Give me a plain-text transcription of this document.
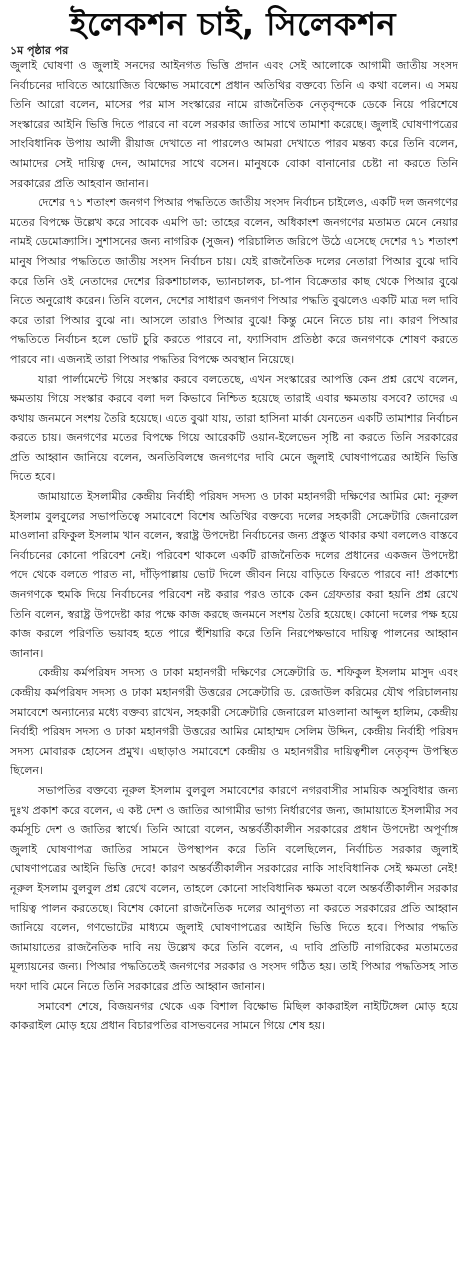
ইলেকশন চাই, সিলেকশন
১ম পৃষ্ঠার পর

জুলাই ঘোষণা ও জুলাই সনদের আইনগত ভিত্তি প্রদান এবং সেই আলোকে আগামী জাতীয় সংসদ নির্বাচনের দাবিতে আয়োজিত বিক্ষোভ সমাবেশে প্রধান অতিথির বক্তব্যে তিনি এ কথা বলেন। এ সময় তিনি আরো বলেন, মাসের পর মাস সংস্কারের নামে রাজনৈতিক নেতৃবৃন্দকে ডেকে নিয়ে পরিশেষে সংস্কারের আইনি ভিত্তি দিতে পারবে না বলে সরকার জাতির সাথে তামাশা করেছে। জুলাই ঘোষণাপত্রের সাংবিধানিক উপায় আলী রীয়াজ দেখাতে না পারলেও আমরা দেখাতে পারব মন্তব্য করে তিনি বলেন, আমাদের সেই দায়িত্ব দেন, আমাদের সাথে বসেন। মানুষকে বোকা বানানোর চেষ্টা না করতে তিনি সরকারের প্রতি আহবান জানান।

দেশের ৭১ শতাংশ জনগণ পিআর পদ্ধতিতে জাতীয় সংসদ নির্বাচন চাইলেও, একটি দল জনগণের মতের বিপক্ষে উল্লেখ করে সাবেক এমপি ডা: তাহের বলেন, অধিকাংশ জনগণের মতামত মেনে নেয়ার নামই ডেমোক্র্যাসি। সুশাসনের জন্য নাগরিক (সুজন) পরিচালিত জরিপে উঠে এসেছে দেশের ৭১ শতাংশ মানুষ পিআর পদ্ধতিতে জাতীয় সংসদ নির্বাচন চায়। যেই রাজনৈতিক দলের নেতারা পিআর বুঝে দাবি করে তিনি ওই নেতাদের দেশের রিকশাচালক, ভ্যানচালক, চা-পান বিক্রেতার কাছ থেকে পিআর বুঝে নিতে অনুরোধ করেন। তিনি বলেন, দেশের সাধারণ জনগণ পিআর পদ্ধতি বুঝলেও একটি মাত্র দল দাবি করে তারা পিআর বুঝে না। আসলে তারাও পিআর বুঝে! কিন্তু মেনে নিতে চায় না। কারণ পিআর পদ্ধতিতে নির্বাচন হলে ভোট চুরি করতে পারবে না, ফ্যাসিবাদ প্রতিষ্ঠা করে জনগণকে শোষণ করতে পারবে না। এজন্যই তারা পিআর পদ্ধতির বিপক্ষে অবস্থান নিয়েছে।

যারা পার্লামেন্টে গিয়ে সংস্কার করবে বলতেছে, এখন সংস্কারের আপত্তি কেন প্রশ্ন রেখে বলেন, ক্ষমতায় গিয়ে সংস্কার করবে বলা দল কিভাবে নিশ্চিত হয়েছে তারাই এবার ক্ষমতায় বসবে? তাদের এ কথায় জনমনে সংশয় তৈরি হয়েছে। এতে বুঝা যায়, তারা হাসিনা মার্কা যেনতেন একটি তামাশার নির্বাচন করতে চায়। জনগণের মতের বিপক্ষে গিয়ে আরেকটি ওয়ান-ইলেভেন সৃষ্টি না করতে তিনি সরকারের প্রতি আহ্বান জানিয়ে বলেন, অনতিবিলম্বে জনগণের দাবি মেনে জুলাই ঘোষণাপত্রের আইনি ভিত্তি দিতে হবে।

জামায়াতে ইসলামীর কেন্দ্রীয় নির্বাহী পরিষদ সদস্য ও ঢাকা মহানগরী দক্ষিণের আমির মো: নূরুল ইসলাম বুলবুলের সভাপতিত্বে সমাবেশে বিশেষ অতিথির বক্তব্যে দলের সহকারী সেক্রেটারি জেনারেল মাওলানা রফিকুল ইসলাম খান বলেন, স্বরাষ্ট্র উপদেষ্টা নির্বাচনের জন্য প্রস্তুত থাকার কথা বললেও বাস্তবে নির্বাচনের কোনো পরিবেশ নেই। পরিবেশ থাকলে একটি রাজনৈতিক দলের প্রধানের একজন উপদেষ্টা পদে থেকে বলতে পারত না, দাঁড়িপাল্লায় ভোট দিলে জীবন নিয়ে বাড়িতে ফিরতে পারবে না! প্রকাশ্যে জনগণকে হুমকি দিয়ে নির্বাচনের পরিবেশ নষ্ট করার পরও তাকে কেন গ্রেফতার করা হয়নি প্রশ্ন রেখে তিনি বলেন, স্বরাষ্ট্র উপদেষ্টা কার পক্ষে কাজ করছে জনমনে সংশয় তৈরি হয়েছে। কোনো দলের পক্ষ হয়ে কাজ করলে পরিণতি ভয়াবহ হতে পারে হুঁশিয়ারি করে তিনি নিরপেক্ষভাবে দায়িত্ব পালনের আহ্বান জানান।

কেন্দ্রীয় কর্মপরিষদ সদস্য ও ঢাকা মহানগরী দক্ষিণের সেক্রেটারি ড. শফিকুল ইসলাম মাসুদ এবং কেন্দ্রীয় কর্মপরিষদ সদস্য ও ঢাকা মহানগরী উত্তরের সেক্রেটারি ড. রেজাউল করিমের যৌথ পরিচালনায় সমাবেশে অন্যান্যের মধ্যে বক্তব্য রাখেন, সহকারী সেক্রেটারি জেনারেল মাওলানা আব্দুল হালিম, কেন্দ্রীয় নির্বাহী পরিষদ সদস্য ও ঢাকা মহানগরী উত্তরের আমির মোহাম্মদ সেলিম উদ্দিন, কেন্দ্রীয় নির্বাহী পরিষদ সদস্য মোবারক হোসেন প্রমুখ। এছাড়াও সমাবেশে কেন্দ্রীয় ও মহানগরীর দায়িত্বশীল নেতৃবৃন্দ উপস্থিত ছিলেন।

সভাপতির বক্তব্যে নূরুল ইসলাম বুলবুল সমাবেশের কারণে নগরবাসীর সাময়িক অসুবিধার জন্য দুঃখ প্রকাশ করে বলেন, এ কষ্ট দেশ ও জাতির আগামীর ভাগ্য নির্ধারণের জন্য, জামায়াতে ইসলামীর সব কর্মসূচি দেশ ও জাতির স্বার্থে। তিনি আরো বলেন, অন্তর্বর্তীকালীন সরকারের প্রধান উপদেষ্টা অপূর্ণাঙ্গ জুলাই ঘোষণাপত্র জাতির সামনে উপস্থাপন করে তিনি বলেছিলেন, নির্বাচিত সরকার জুলাই ঘোষণাপত্রের আইনি ভিত্তি দেবে! কারণ অন্তর্বর্তীকালীন সরকারের নাকি সাংবিধানিক সেই ক্ষমতা নেই! নূরুল ইসলাম বুলবুল প্রশ্ন রেখে বলেন, তাহলে কোনো সাংবিধানিক ক্ষমতা বলে অন্তর্বর্তীকালীন সরকার দায়িত্ব পালন করতেছে। বিশেষ কোনো রাজনৈতিক দলের আনুগত্য না করতে সরকারের প্রতি আহ্বান জানিয়ে বলেন, গণভোটের মাধ্যমে জুলাই ঘোষণাপত্রের আইনি ভিত্তি দিতে হবে। পিআর পদ্ধতি জামায়াতের রাজনৈতিক দাবি নয় উল্লেখ করে তিনি বলেন, এ দাবি প্রতিটি নাগরিকের মতামতের মূল্যায়নের জন্য। পিআর পদ্ধতিতেই জনগণের সরকার ও সংসদ গঠিত হয়। তাই পিআর পদ্ধতিসহ সাত দফা দাবি মেনে নিতে তিনি সরকারের প্রতি আহ্বান জানান।

সমাবেশ শেষে, বিজয়নগর থেকে এক বিশাল বিক্ষোভ মিছিল কাকরাইল নাইটিঙ্গেল মোড় হয়ে কাকরাইল মোড় হয়ে প্রধান বিচারপতির বাসভবনের সামনে গিয়ে শেষ হয়।
